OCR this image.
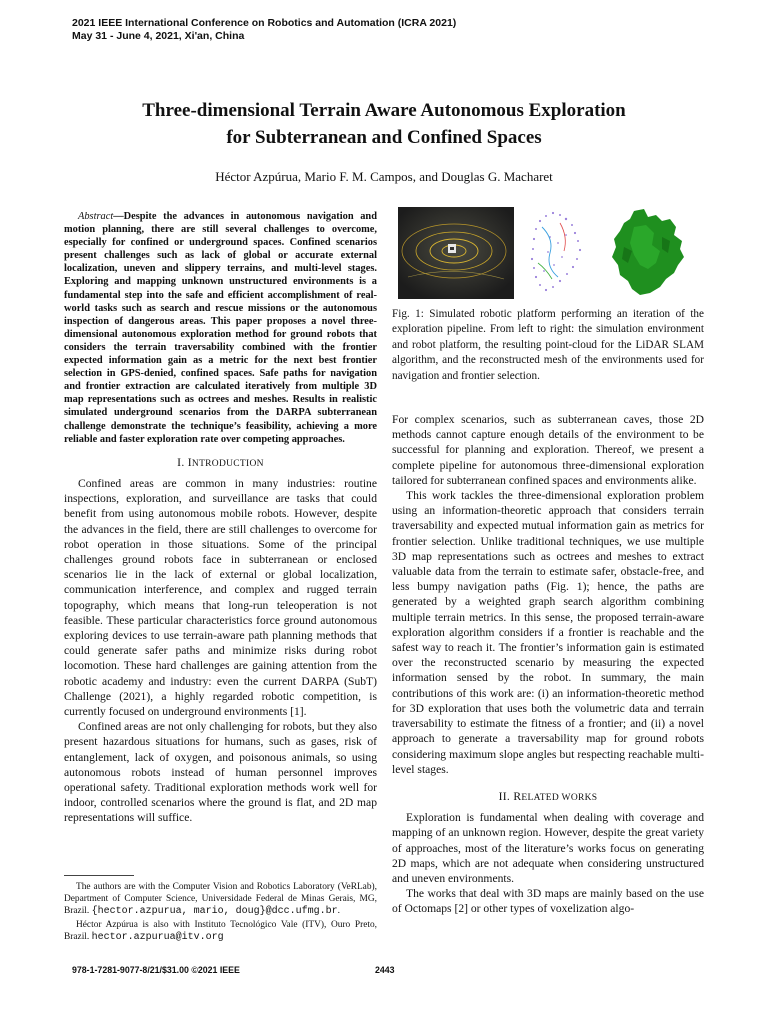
2021 IEEE International Conference on Robotics and Automation (ICRA 2021)
May 31 - June 4, 2021, Xi'an, China
Three-dimensional Terrain Aware Autonomous Exploration
for Subterranean and Confined Spaces
Héctor Azpúrua, Mario F. M. Campos, and Douglas G. Macharet

Abstract—Despite the advances in autonomous navigation and motion planning, there are still several challenges to overcome, especially for confined or underground spaces. Confined scenarios present challenges such as lack of global or accurate external localization, uneven and slippery terrains, and multi-level stages. Exploring and mapping unknown unstructured environments is a fundamental step into the safe and efficient accomplishment of real-world tasks such as search and rescue missions or the autonomous inspection of dangerous areas. This paper proposes a novel three-dimensional autonomous exploration method for ground robots that considers the terrain traversability combined with the frontier expected information gain as a metric for the next best frontier selection in GPS-denied, confined spaces. Safe paths for navigation and frontier extraction are calculated iteratively from multiple 3D map representations such as octrees and meshes. Results in realistic simulated underground scenarios from the DARPA subterranean challenge demonstrate the technique’s feasibility, achieving a more reliable and faster exploration rate over competing approaches.

I. INTRODUCTION

Confined areas are common in many industries: routine inspections, exploration, and surveillance are tasks that could benefit from using autonomous mobile robots. However, despite the advances in the field, there are still challenges to overcome for robot operation in those situations. Some of the principal challenges ground robots face in subterranean or enclosed scenarios lie in the lack of external or global localization, communication interference, and complex and rugged terrain topography, which means that long-run teleoperation is not feasible. These particular characteristics force ground autonomous exploring devices to use terrain-aware path planning methods that could generate safer paths and minimize risks during robot locomotion. These hard challenges are gaining attention from the robotic academy and industry: even the current DARPA (SubT) Challenge (2021), a highly regarded robotic competition, is currently focused on underground environments [1].

Confined areas are not only challenging for robots, but they also present hazardous situations for humans, such as gases, risk of entanglement, lack of oxygen, and poisonous animals, so using autonomous robots instead of human personnel improves operational safety. Traditional exploration methods work well for indoor, controlled scenarios where the ground is flat, and 2D map representations will suffice.

Fig. 1: Simulated robotic platform performing an iteration of the exploration pipeline. From left to right: the simulation environment and robot platform, the resulting point-cloud for the LiDAR SLAM algorithm, and the reconstructed mesh of the environments used for navigation and frontier selection.

For complex scenarios, such as subterranean caves, those 2D methods cannot capture enough details of the environment to be successful for planning and exploration. Thereof, we present a complete pipeline for autonomous three-dimensional exploration tailored for subterranean confined spaces and environments alike.

This work tackles the three-dimensional exploration problem using an information-theoretic approach that considers terrain traversability and expected mutual information gain as metrics for frontier selection. Unlike traditional techniques, we use multiple 3D map representations such as octrees and meshes to extract valuable data from the terrain to estimate safer, obstacle-free, and less bumpy navigation paths (Fig. 1); hence, the paths are generated by a weighted graph search algorithm combining multiple terrain metrics. In this sense, the proposed terrain-aware exploration algorithm considers if a frontier is reachable and the safest way to reach it. The frontier’s information gain is estimated over the reconstructed scenario by measuring the expected information sensed by the robot. In summary, the main contributions of this work are: (i) an information-theoretic method for 3D exploration that uses both the volumetric data and terrain traversability to estimate the fitness of a frontier; and (ii) a novel approach to generate a traversability map for ground robots considering maximum slope angles but respecting reachable multi-level stages.

II. RELATED WORKS

Exploration is fundamental when dealing with coverage and mapping of an unknown region. However, despite the great variety of approaches, most of the literature’s works focus on generating 2D maps, which are not adequate when considering unstructured and uneven environments.

The works that deal with 3D maps are mainly based on the use of Octomaps [2] or other types of voxelization algo-

The authors are with the Computer Vision and Robotics Laboratory (VeRLab), Department of Computer Science, Universidade Federal de Minas Gerais, MG, Brazil. {hector.azpurua, mario, doug}@dcc.ufmg.br.

Héctor Azpúrua is also with Instituto Tecnológico Vale (ITV), Ouro Preto, Brazil. hector.azpurua@itv.org

978-1-7281-9077-8/21/$31.00 ©2021 IEEE	2443
